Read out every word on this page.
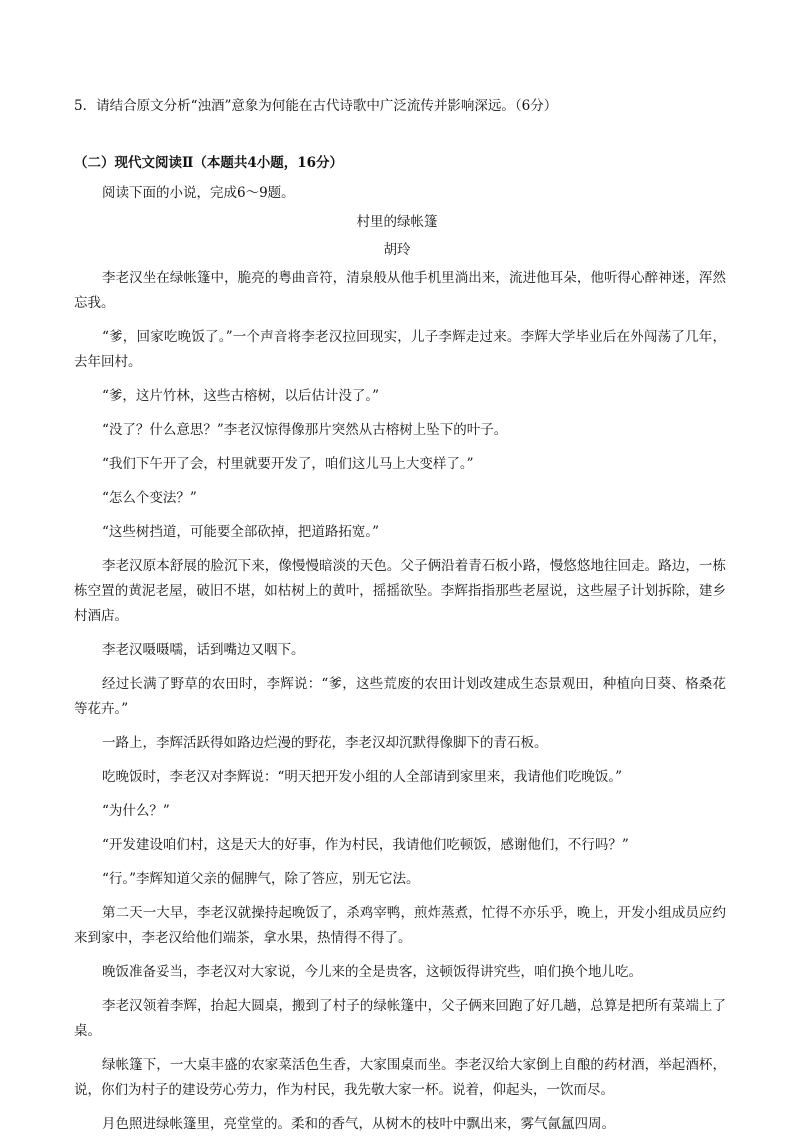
5．请结合原文分析“浊酒”意象为何能在古代诗歌中广泛流传并影响深远。（6分）
（二）现代文阅读Ⅱ（本题共4小题，16分）
阅读下面的小说，完成6～9题。
村里的绿帐篷
胡玲

李老汉坐在绿帐篷中，脆亮的粤曲音符，清泉般从他手机里淌出来，流进他耳朵，他听得心醉神迷，浑然忘我。

“爹，回家吃晚饭了。”一个声音将李老汉拉回现实，儿子李辉走过来。李辉大学毕业后在外闯荡了几年，去年回村。

“爹，这片竹林，这些古榕树，以后估计没了。”

“没了？什么意思？”李老汉惊得像那片突然从古榕树上坠下的叶子。

“我们下午开了会，村里就要开发了，咱们这儿马上大变样了。”

“怎么个变法？”

“这些树挡道，可能要全部砍掉，把道路拓宽。”

李老汉原本舒展的脸沉下来，像慢慢暗淡的天色。父子俩沿着青石板小路，慢悠悠地往回走。路边，一栋栋空置的黄泥老屋，破旧不堪，如枯树上的黄叶，摇摇欲坠。李辉指指那些老屋说，这些屋子计划拆除，建乡村酒店。

李老汉嗫嗫嚅，话到嘴边又咽下。

经过长满了野草的农田时，李辉说：“爹，这些荒废的农田计划改建成生态景观田，种植向日葵、格桑花等花卉。”

一路上，李辉活跃得如路边烂漫的野花，李老汉却沉默得像脚下的青石板。

吃晚饭时，李老汉对李辉说：“明天把开发小组的人全部请到家里来，我请他们吃晚饭。”

“为什么？”

“开发建设咱们村，这是天大的好事，作为村民，我请他们吃顿饭，感谢他们，不行吗？”

“行。”李辉知道父亲的倔脾气，除了答应，别无它法。

第二天一大早，李老汉就操持起晚饭了，杀鸡宰鸭，煎炸蒸煮，忙得不亦乐乎，晚上，开发小组成员应约来到家中，李老汉给他们端茶，拿水果，热情得不得了。

晚饭准备妥当，李老汉对大家说，今儿来的全是贵客，这顿饭得讲究些，咱们换个地儿吃。

李老汉领着李辉，抬起大圆桌，搬到了村子的绿帐篷中，父子俩来回跑了好几趟，总算是把所有菜端上了桌。

绿帐篷下，一大桌丰盛的农家菜活色生香，大家围桌而坐。李老汉给大家倒上自酿的药材酒，举起酒杯，说，你们为村子的建设劳心劳力，作为村民，我先敬大家一杯。说着，仰起头，一饮而尽。

月色照进绿帐篷里，亮堂堂的。柔和的香气，从树木的枝叶中飘出来，雾气氤氲四周。
